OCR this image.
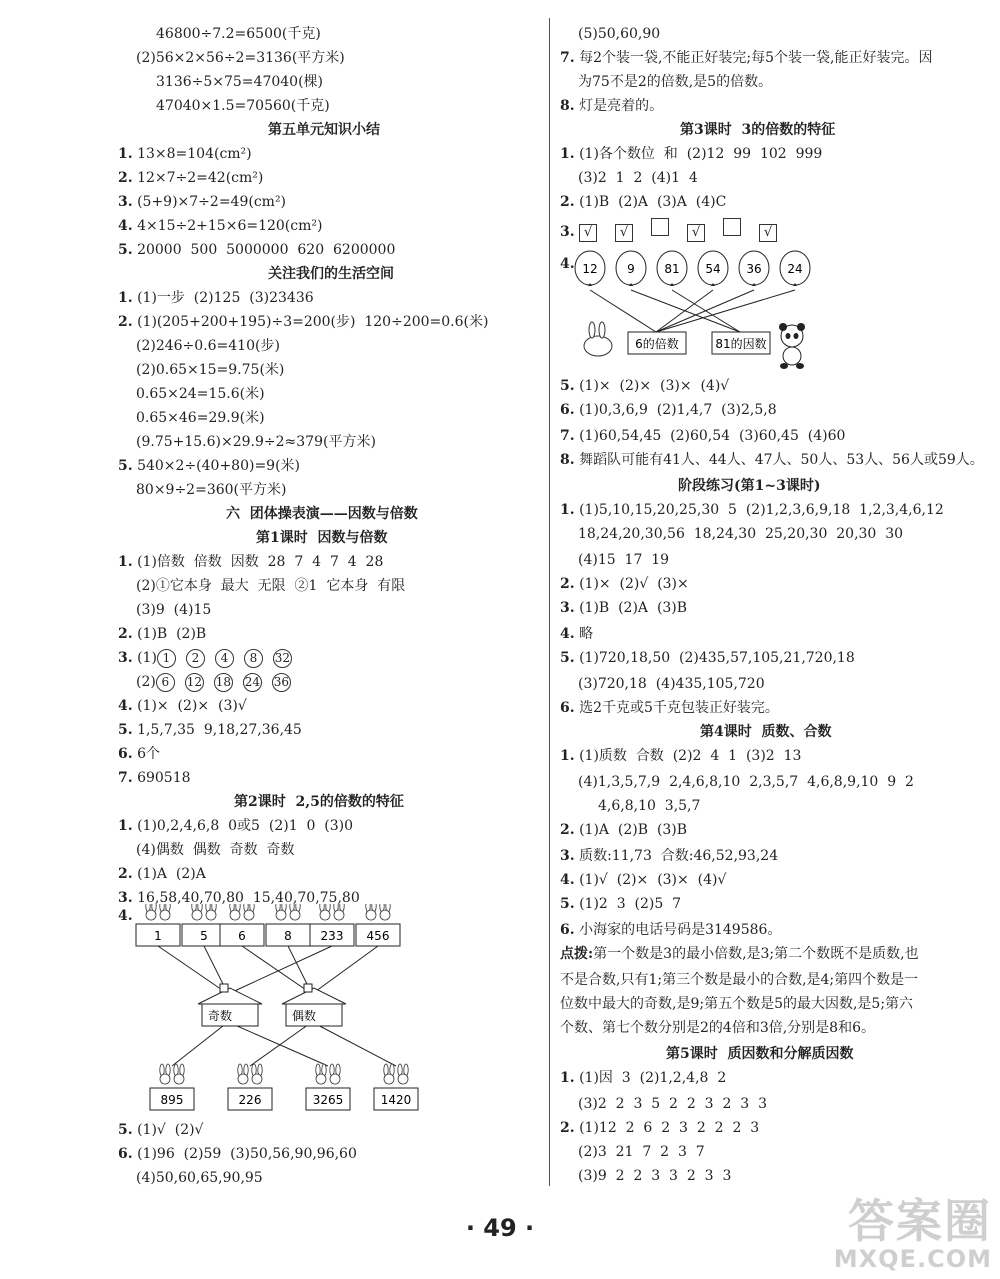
46800÷7.2=6500(千克)
(2)56×2×56÷2=3136(平方米)
3136÷5×75=47040(棵)
47040×1.5=70560(千克)
第五单元知识小结
1. 13×8=104(cm²)
2. 12×7÷2=42(cm²)
3. (5+9)×7÷2=49(cm²)
4. 4×15÷2+15×6=120(cm²)
5. 20000  500  5000000  620  6200000
关注我们的生活空间
1. (1)一步  (2)125  (3)23436
2. (1)(205+200+195)÷3=200(步)  120÷200=0.6(米)
(2)246÷0.6=410(步)
(2)0.65×15=9.75(米)
0.65×24=15.6(米)
0.65×46=29.9(米)
(9.75+15.6)×29.9÷2≈379(平方米)
5. 540×2÷(40+80)=9(米)
80×9÷2=360(平方米)
六  团体操表演——因数与倍数
第1课时  因数与倍数
1. (1)倍数  倍数  因数  28  7  4  7  4  28
(2)①它本身  最大  无限  ②1  它本身  有限
(3)9  (4)15
2. (1)B  (2)B
3. (1) 1 2 4 8 32
(2) 6 12 18 24 36
4. (1)×  (2)×  (3)√
5. 1,5,7,35  9,18,27,36,45
6. 6个
7. 690518
第2课时  2,5的倍数的特征
1. (1)0,2,4,6,8  0或5  (2)1  0  (3)0
(4)偶数  偶数  奇数  奇数
2. (1)A  (2)A
3. 16,58,40,70,80  15,40,70,75,80
4.
1	5	6	8 233 456
奇数	偶数
895	226	3265	1420
5. (1)√  (2)√
6. (1)96  (2)59  (3)50,56,90,96,60
(4)50,60,65,90,95
(5)50,60,90
7. 每2个装一袋,不能正好装完;每5个装一袋,能正好装完。因
为75不是2的倍数,是5的倍数。
8. 灯是亮着的。
第3课时  3的倍数的特征
1. (1)各个数位  和  (2)12  99  102  999
(3)2  1  2  (4)1  4
2. (1)B  (2)A  (3)A  (4)C
3. √ √	√	√
4. 12 9 81 54 36 24
6的倍数	81的因数
5. (1)×  (2)×  (3)×  (4)√
6. (1)0,3,6,9  (2)1,4,7  (3)2,5,8
7. (1)60,54,45  (2)60,54  (3)60,45  (4)60
8. 舞蹈队可能有41人、44人、47人、50人、53人、56人或59人。
阶段练习(第1~3课时)
1. (1)5,10,15,20,25,30  5  (2)1,2,3,6,9,18  1,2,3,4,6,12
18,24,20,30,56  18,24,30  25,20,30  20,30  30
(4)15  17  19
2. (1)×  (2)√  (3)×
3. (1)B  (2)A  (3)B
4. 略
5. (1)720,18,50  (2)435,57,105,21,720,18
(3)720,18  (4)435,105,720
6. 选2千克或5千克包装正好装完。
第4课时  质数、合数
1. (1)质数  合数  (2)2  4  1  (3)2  13
(4)1,3,5,7,9  2,4,6,8,10  2,3,5,7  4,6,8,9,10  9  2
4,6,8,10  3,5,7
2. (1)A  (2)B  (3)B
3. 质数:11,73  合数:46,52,93,24
4. (1)√  (2)×  (3)×  (4)√
5. (1)2  3  (2)5  7
6. 小海家的电话号码是3149586。
点拨:第一个数是3的最小倍数,是3;第二个数既不是质数,也
不是合数,只有1;第三个数是最小的合数,是4;第四个数是一
位数中最大的奇数,是9;第五个数是5的最大因数,是5;第六
个数、第七个数分别是2的4倍和3倍,分别是8和6。
第5课时  质因数和分解质因数
1. (1)因  3  (2)1,2,4,8  2
(3)2  2  3  5  2  2  3  2  3  3
2. (1)12  2  6  2  3  2  2  2  3
(2)3  21  7  2  3  7
(3)9  2  2  3  3  2  3  3
· 49 ·	答案圈
MXQE.COM
